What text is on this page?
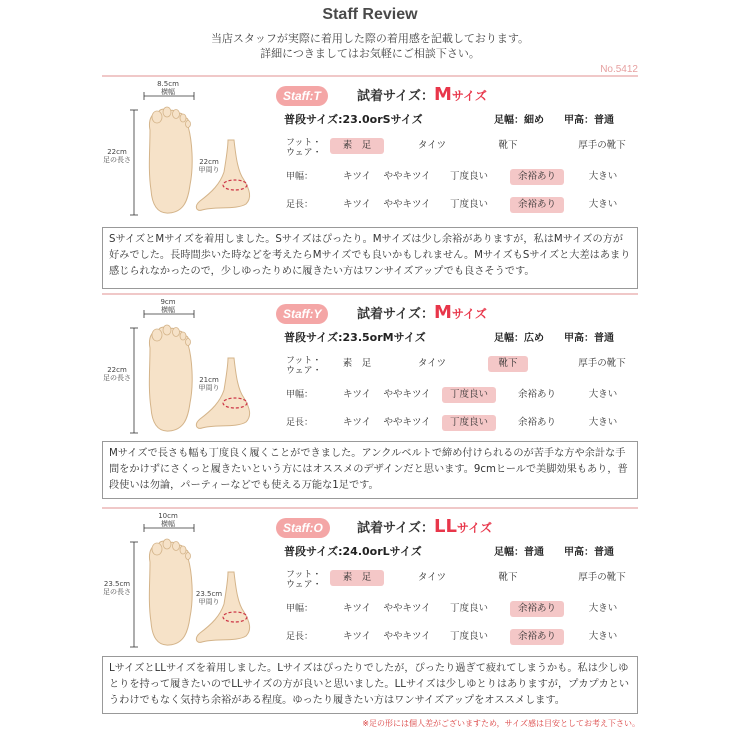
Staff Review
当店スタッフが実際に着用した際の着用感を記載しております。
詳細につきましてはお気軽にご相談下さい。
No.5412
8.5cm
横幅
22cm
足の長さ	22cm
甲周り
Staff:T	試着サイズ：Mサイズ
普段サイズ:23.0orSサイズ	足幅：細め 甲高：普通
フット・ウェア・
素　足	タイツ	靴下	厚手の靴下
甲幅：	キツイ	ややキツイ	丁度良い	余裕あり	大きい
足長：	キツイ	ややキツイ	丁度良い	余裕あり	大きい
SサイズとMサイズを着用しました。Sサイズはぴったり。Mサイズは少し余裕がありますが，私はMサイズの方が好みでした。長時間歩いた時などを考えたらMサイズでも良いかもしれません。MサイズもSサイズと大差はあまり感じられなかったので，少しゆったりめに履きたい方はワンサイズアップでも良さそうです。
9cm
横幅
22cm
足の長さ	21cm
甲周り
Staff:Y	試着サイズ：Mサイズ
普段サイズ:23.5orMサイズ	足幅：広め 甲高：普通
フット・ウェア・
素　足	タイツ	靴下	厚手の靴下
甲幅：	キツイ	ややキツイ	丁度良い	余裕あり	大きい
足長：	キツイ	ややキツイ	丁度良い	余裕あり	大きい
Mサイズで長さも幅も丁度良く履くことができました。アンクルベルトで締め付けられるのが苦手な方や余計な手間をかけずにさくっと履きたいという方にはオススメのデザインだと思います。9cmヒールで美脚効果もあり，普段使いは勿論，パーティーなどでも使える万能な1足です。
10cm
横幅
23.5cm
足の長さ	23.5cm
甲周り
Staff:O	試着サイズ：LLサイズ
普段サイズ:24.0orLサイズ	足幅：普通 甲高：普通
フット・ウェア・
素　足	タイツ	靴下	厚手の靴下
甲幅：	キツイ	ややキツイ	丁度良い	余裕あり	大きい
足長：	キツイ	ややキツイ	丁度良い	余裕あり	大きい
LサイズとLLサイズを着用しました。Lサイズはぴったりでしたが，ぴったり過ぎて疲れてしまうかも。私は少しゆとりを持って履きたいのでLLサイズの方が良いと思いました。LLサイズは少しゆとりはありますが，プカプカというわけでもなく気持ち余裕がある程度。ゆったり履きたい方はワンサイズアップをオススメします。
※足の形には個人差がございますため，サイズ感は目安としてお考え下さい。
